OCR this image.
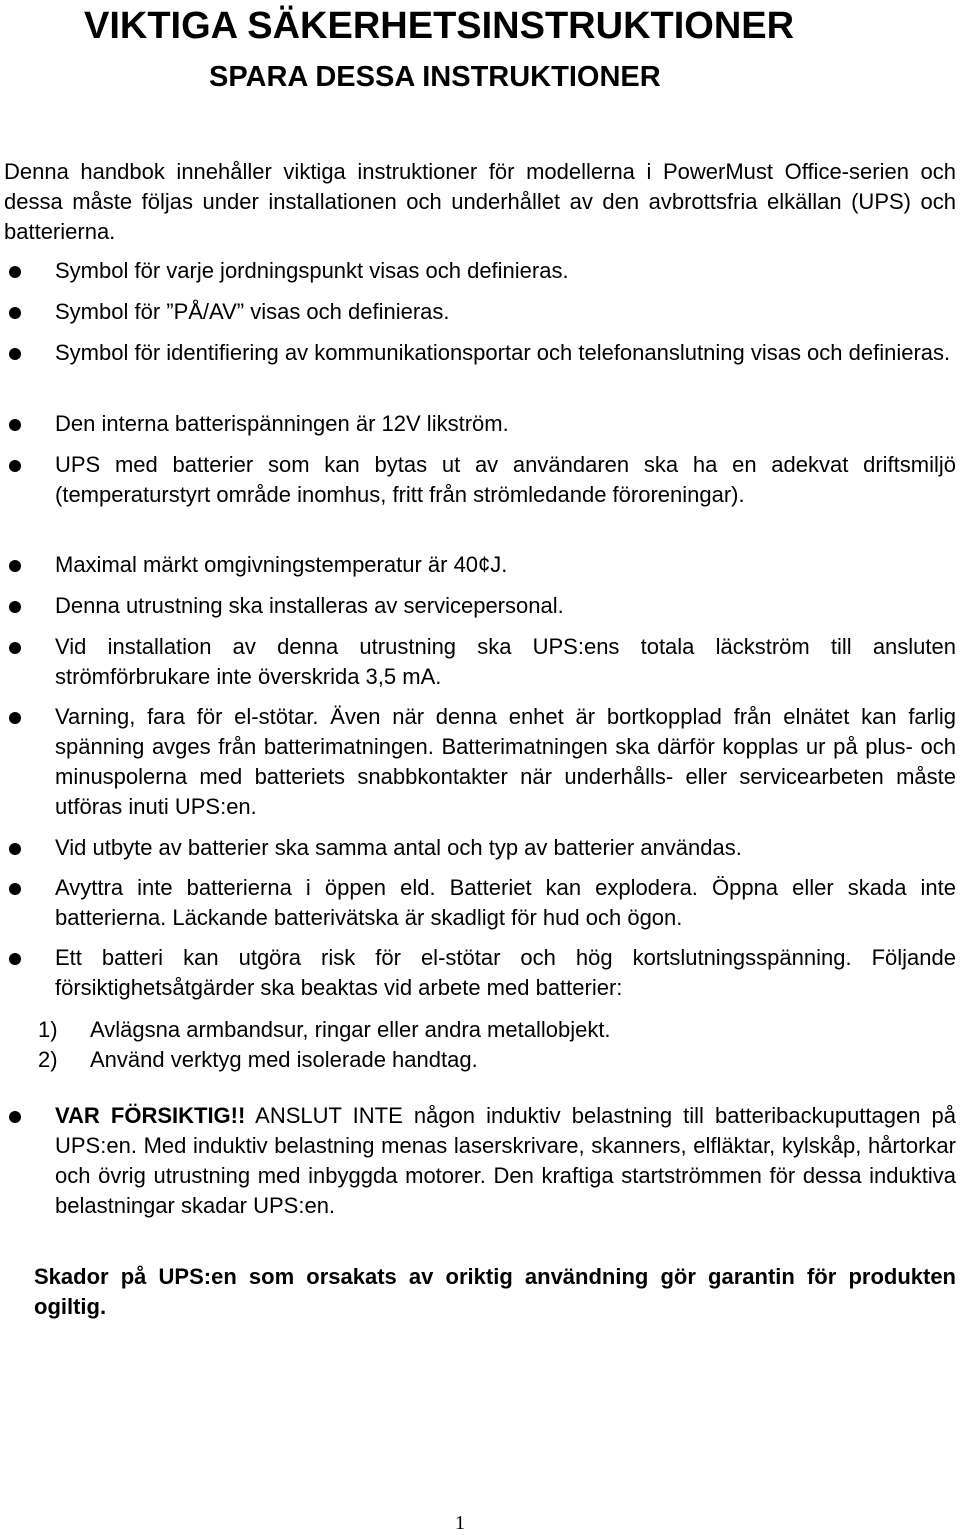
VIKTIGA SÄKERHETSINSTRUKTIONER
SPARA DESSA INSTRUKTIONER

Denna handbok innehåller viktiga instruktioner för modellerna i PowerMust Office-serien och dessa måste följas under installationen och underhållet av den avbrottsfria elkällan (UPS) och batterierna.

Symbol för varje jordningspunkt visas och definieras.

Symbol för ”PÅ/AV” visas och definieras.

Symbol för identifiering av kommunikationsportar och telefonanslutning visas och definieras.

Den interna batterispänningen är 12V likström.

UPS med batterier som kan bytas ut av användaren ska ha en adekvat driftsmiljö (temperaturstyrt område inomhus, fritt från strömledande föroreningar).

Maximal märkt omgivningstemperatur är 40¢J.

Denna utrustning ska installeras av servicepersonal.

Vid installation av denna utrustning ska UPS:ens totala läckström till ansluten strömförbrukare inte överskrida 3,5 mA.

Varning, fara för el-stötar. Även när denna enhet är bortkopplad från elnätet kan farlig spänning avges från batterimatningen. Batterimatningen ska därför kopplas ur på plus- och minuspolerna med batteriets snabbkontakter när underhålls- eller servicearbeten måste utföras inuti UPS:en.

Vid utbyte av batterier ska samma antal och typ av batterier användas.

Avyttra inte batterierna i öppen eld. Batteriet kan explodera. Öppna eller skada inte batterierna. Läckande batterivätska är skadligt för hud och ögon.

Ett batteri kan utgöra risk för el-stötar och hög kortslutningsspänning. Följande försiktighetsåtgärder ska beaktas vid arbete med batterier:

1) Avlägsna armbandsur, ringar eller andra metallobjekt.
2) Använd verktyg med isolerade handtag.

VAR FÖRSIKTIG!! ANSLUT INTE någon induktiv belastning till batteribackuputtagen på UPS:en. Med induktiv belastning menas laserskrivare, skanners, elfläktar, kylskåp, hårtorkar och övrig utrustning med inbyggda motorer. Den kraftiga startströmmen för dessa induktiva belastningar skadar UPS:en.

Skador på UPS:en som orsakats av oriktig användning gör garantin för produkten ogiltig.

1
